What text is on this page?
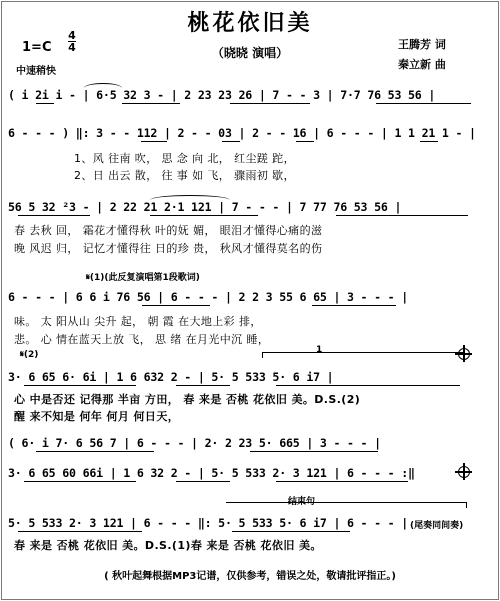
桃花依旧美
（晓晓 演唱）
王腾芳 词
秦立新 曲
1=C
4
4
中速稍快
( i 2i i - | 6·5 32 3 - | 2 23 23 26 | 7 - - 3 | 7·7 76 53 56 |
6 - - - ) ‖: 3 - - 112 | 2 - - 03 | 2 - - 16 | 6 - - - | 1 1 21 1 - |
1、风 往南 吹， 思 念 向 北， 红尘蹉 跎，
2、日 出云 散， 往 事 如 飞， 骤雨初 歇，
56 5 32 ²3 - | 2 22 21 2·1 121 | 7 - - - | 7 77 76 53 56 |
春 去秋 回， 霜花才懂得秋 叶的妩 媚， 眼泪才懂得心痛的滋
晚 风迟 归， 记忆才懂得往 日的珍 贵， 秋风才懂得莫名的伤
𝄋(1)(此反复演唱第1段歌词)
6 - - - | 6 6 i 76 56 | 6 - - - | 2 2 3 55 6 65 | 3 - - - |
味。 太 阳从山 尖升 起， 朝 霞 在大地上彩 排，
悲。 心 情在蓝天上放 飞， 思 绪 在月光中沉 睡，
𝄋(2)	1
3· 6 65 6· 6i | 1 6 632 2 - | 5· 5 533 5· 6 i7 |
心 中是否还 记得那 半亩 方田， 春 来是 否桃 花依旧 美。D.S.(2)
醒 来不知是 何年 何月 何日天，
( 6· i 7· 6 56 7 | 6 - - - | 2· 2 23 5· 665 | 3 - - - |
3· 6 65 60 66i | 1 6 32 2 - | 5· 5 533 2· 3 121 | 6 - - - :‖
结束句
5· 5 533 2· 3 121 | 6 - - - ‖: 5· 5 533 5· 6 i7 | 6 - - - | (尾奏同间奏)
春 来是 否桃 花依旧 美。D.S.(1)春 来是 否桃 花依旧 美。
( 秋叶起舞根据MP3记谱，仅供参考，错误之处，敬请批评指正。)
